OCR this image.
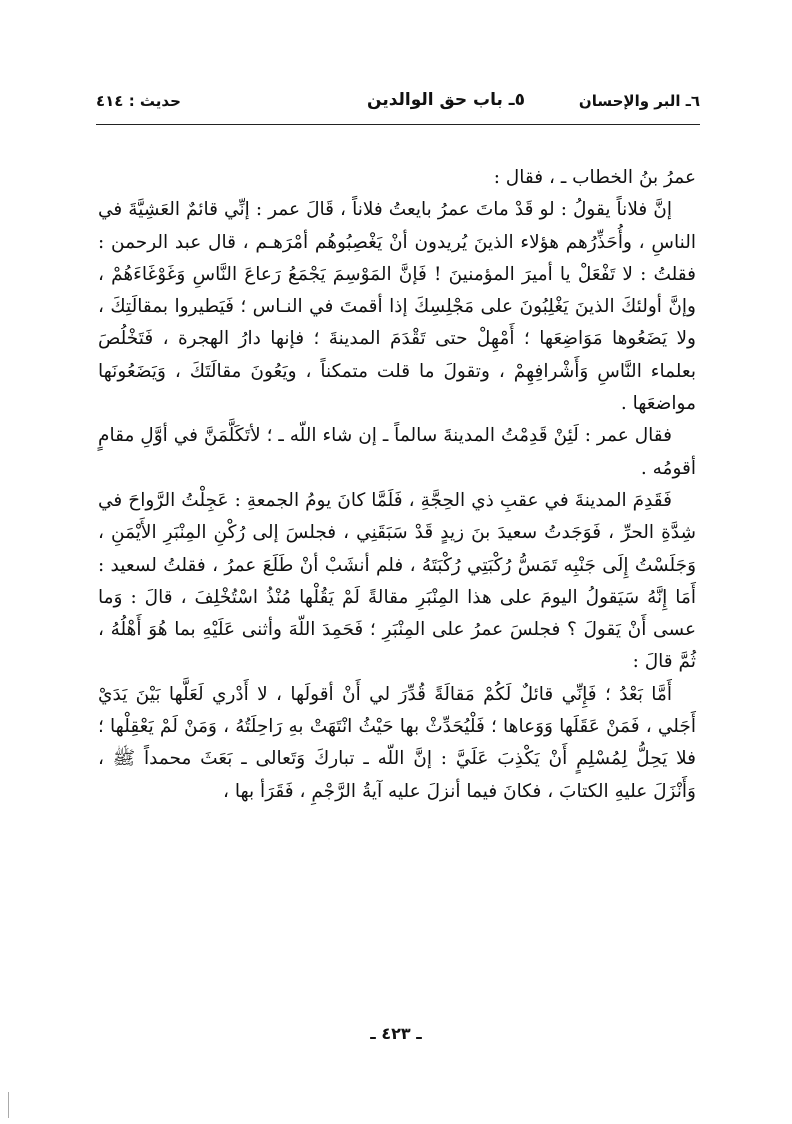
٦ـ البر والإحسان
٥ـ باب حق الوالدين
حديث : ٤١٤

عمرُ بنُ الخطاب ـ ، فقال :

إنَّ فلاناً يقولُ : لو قَدْ ماتَ عمرُ بايعتُ فلاناً ، قَالَ عمر : إنِّي قائمٌ العَشِيَّةَ في الناسِ ، وأُحَذِّرُهم هؤلاء الذينَ يُريدون أنْ يَغْصِبُوهُم أمْرَهـم ، قال عبد الرحمن : فقلتُ : لا تَفْعَلْ يا أميرَ المؤمنينَ ! فَإنَّ المَوْسِمَ يَجْمَعُ رَعاعَ النَّاسِ وَغَوْغَاءَهُمْ ، وإنَّ أولئكَ الذينَ يَغْلِبُونَ على مَجْلِسِكَ إذا أقمتَ في النـاس ؛ فَيَطيروا بمقالَتِكَ ، ولا يَضَعُوها مَوَاضِعَها ؛ أَمْهِلْ حتى تَقْدَمَ المدينةَ ؛ فإنها دارُ الهجرة ، فَتَخْلُصَ بعلماء النَّاسِ وَأَشْرافِهِمْ ، وتقولَ ما قلت متمكناً ، ويَعُونَ مقالَتَكَ ، وَيَضَعُونَها مواضعَها .

فقال عمر : لَئِنْ قَدِمْتُ المدينةَ سالماً ـ إن شاء اللّه ـ ؛ لأتَكَلَّمَنَّ في أوَّلِ مقامٍ أقومُه .

فَقَدِمَ المدينةَ في عقبِ ذي الحِجَّةِ ، فَلَمَّا كانَ يومُ الجمعةِ : عَجِلْتُ الرَّواحَ في شِدَّةِ الحرِّ ، فَوَجَدتُ سعيدَ بنَ زيدٍ قَدْ سَبَقَنِي ، فجلسَ إلى رُكْنِ المِنْبَرِ الأَيْمَنِ ، وَجَلَسْتُ إِلَى جَنْبِه تَمَسُّ رُكْبَتِي رُكْبَتَهُ ، فلم أنشَبْ أنْ طَلَعَ عمرُ ، فقلتُ لسعيد : أَمَا إِنَّهُ سَيَقولُ اليومَ على هذا المِنْبَرِ مقالةً لَمْ يَقُلْها مُنْذُ اسْتُخْلِفَ ، قالَ : وَما عسى أَنْ يَقولَ ؟ فجلسَ عمرُ على المِنْبَرِ ؛ فَحَمِدَ اللّهَ وأثنى عَلَيْهِ بما هُوَ أَهْلُهُ ، ثُمَّ قالَ :

أَمَّا بَعْدُ ؛ فَإِنِّي قائلٌ لَكُمْ مَقالَةً قُدِّرَ لي أَنْ أقولَها ، لا أَدْري لَعَلَّها بَيْنَ يَدَيْ أَجَلي ، فَمَنْ عَقَلَها وَوَعاها ؛ فَلْيُحَدِّثْ بها حَيْثُ انْتَهَتْ بهِ رَاحِلَتُهُ ، وَمَنْ لَمْ يَعْقِلْها ؛ فلا يَحِلُّ لِمُسْلِمٍ أَنْ يَكْذِبَ عَلَيَّ : إنَّ اللّه ـ تباركَ وَتَعالى ـ بَعَثَ محمداً ﷺ ، وَأَنْزَلَ عليهِ الكتابَ ، فكانَ فيما أنزلَ عليه آيةُ الرَّجْمِ ، فَقَرَأ بها ،

ـ ٤٢٣ ـ
